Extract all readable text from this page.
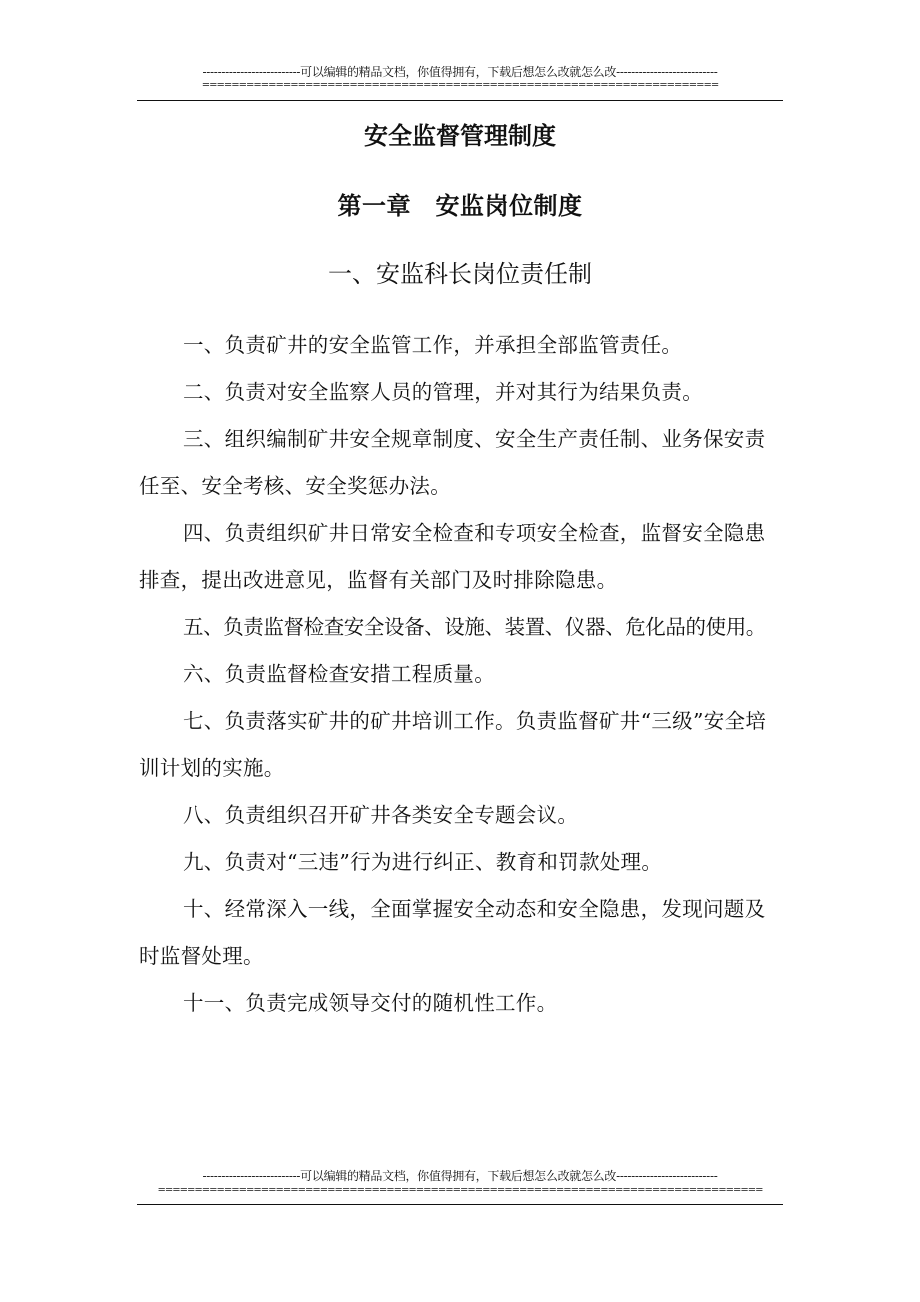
--------------------------可以编辑的精品文档，你值得拥有，下载后想怎么改就怎么改---------------------------
======================================================================
安全监督管理制度
第一章　安监岗位制度
一、安监科长岗位责任制

一、负责矿井的安全监管工作，并承担全部监管责任。

二、负责对安全监察人员的管理，并对其行为结果负责。

三、组织编制矿井安全规章制度、安全生产责任制、业务保安责任至、安全考核、安全奖惩办法。

四、负责组织矿井日常安全检查和专项安全检查，监督安全隐患排查，提出改进意见，监督有关部门及时排除隐患。

五、负责监督检查安全设备、设施、装置、仪器、危化品的使用。

六、负责监督检查安措工程质量。

七、负责落实矿井的矿井培训工作。负责监督矿井“三级”安全培训计划的实施。

八、负责组织召开矿井各类安全专题会议。

九、负责对“三违”行为进行纠正、教育和罚款处理。

十、经常深入一线，全面掌握安全动态和安全隐患，发现问题及时监督处理。

十一、负责完成领导交付的随机性工作。

--------------------------可以编辑的精品文档，你值得拥有，下载后想怎么改就怎么改---------------------------
==================================================================================
